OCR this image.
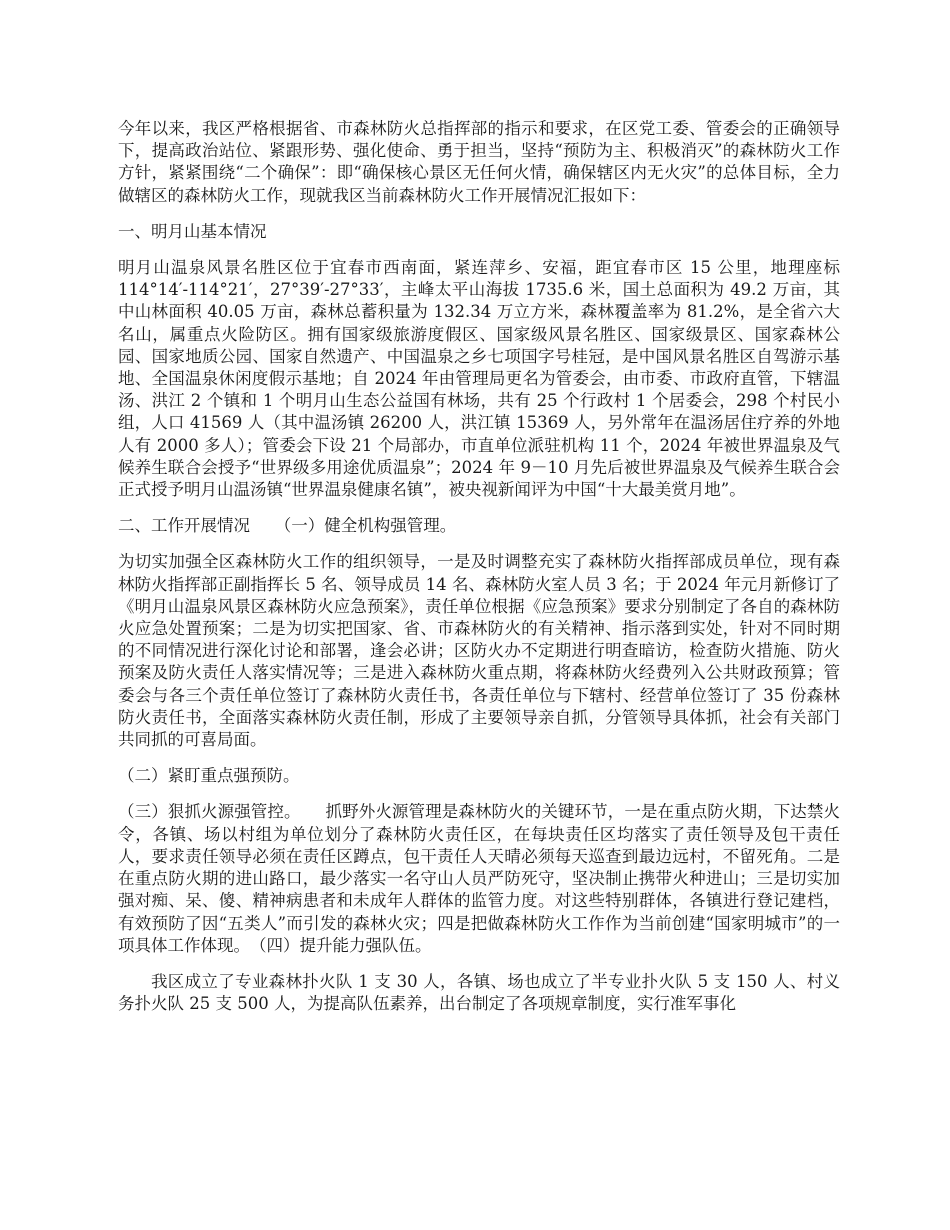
今年以来，我区严格根据省、市森林防火总指挥部的指示和要求，在区党工委、管委会的正确领导下，提高政治站位、紧跟形势、强化使命、勇于担当，坚持“预防为主、积极消灭”的森林防火工作方针，紧紧围绕“二个确保”：即“确保核心景区无任何火情，确保辖区内无火灾”的总体目标，全力做辖区的森林防火工作，现就我区当前森林防火工作开展情况汇报如下：

一、明月山基本情况

明月山温泉风景名胜区位于宜春市西南面，紧连萍乡、安福，距宜春市区 15 公里，地理座标 114°14′-114°21′，27°39′-27°33′，主峰太平山海拔 1735.6 米，国土总面积为 49.2 万亩，其中山林面积 40.05 万亩，森林总蓄积量为 132.34 万立方米，森林覆盖率为 81.2%，是全省六大名山，属重点火险防区。拥有国家级旅游度假区、国家级风景名胜区、国家级景区、国家森林公园、国家地质公园、国家自然遗产、中国温泉之乡七项国字号桂冠，是中国风景名胜区自驾游示基地、全国温泉休闲度假示基地；自 2024 年由管理局更名为管委会，由市委、市政府直管，下辖温汤、洪江 2 个镇和 1 个明月山生态公益国有林场，共有 25 个行政村 1 个居委会，298 个村民小组，人口 41569 人（其中温汤镇 26200 人，洪江镇 15369 人，另外常年在温汤居住疗养的外地人有 2000 多人）；管委会下设 21 个局部办，市直单位派驻机构 11 个，2024 年被世界温泉及气候养生联合会授予“世界级多用途优质温泉”；2024 年 9－10 月先后被世界温泉及气候养生联合会正式授予明月山温汤镇“世界温泉健康名镇”，被央视新闻评为中国“十大最美赏月地”。

二、工作开展情况　　（一）健全机构强管理。

为切实加强全区森林防火工作的组织领导，一是及时调整充实了森林防火指挥部成员单位，现有森林防火指挥部正副指挥长 5 名、领导成员 14 名、森林防火室人员 3 名；于 2024 年元月新修订了《明月山温泉风景区森林防火应急预案》，责任单位根据《应急预案》要求分别制定了各自的森林防火应急处置预案；二是为切实把国家、省、市森林防火的有关精神、指示落到实处，针对不同时期的不同情况进行深化讨论和部署，逢会必讲；区防火办不定期进行明查暗访，检查防火措施、防火预案及防火责任人落实情况等；三是进入森林防火重点期，将森林防火经费列入公共财政预算；管委会与各三个责任单位签订了森林防火责任书，各责任单位与下辖村、经营单位签订了 35 份森林防火责任书，全面落实森林防火责任制，形成了主要领导亲自抓，分管领导具体抓，社会有关部门共同抓的可喜局面。

（二）紧盯重点强预防。

（三）狠抓火源强管控。　　抓野外火源管理是森林防火的关键环节，一是在重点防火期，下达禁火令，各镇、场以村组为单位划分了森林防火责任区，在每块责任区均落实了责任领导及包干责任人，要求责任领导必须在责任区蹲点，包干责任人天晴必须每天巡查到最边远村，不留死角。二是在重点防火期的进山路口，最少落实一名守山人员严防死守，坚决制止携带火种进山；三是切实加强对痴、呆、傻、精神病患者和未成年人群体的监管力度。对这些特别群体，各镇进行登记建档，有效预防了因“五类人”而引发的森林火灾；四是把做森林防火工作作为当前创建“国家明城市”的一项具体工作体现。　（四）提升能力强队伍。

我区成立了专业森林扑火队 1 支 30 人，各镇、场也成立了半专业扑火队 5 支 150 人、村义务扑火队 25 支 500 人，为提高队伍素养，出台制定了各项规章制度，实行准军事化
